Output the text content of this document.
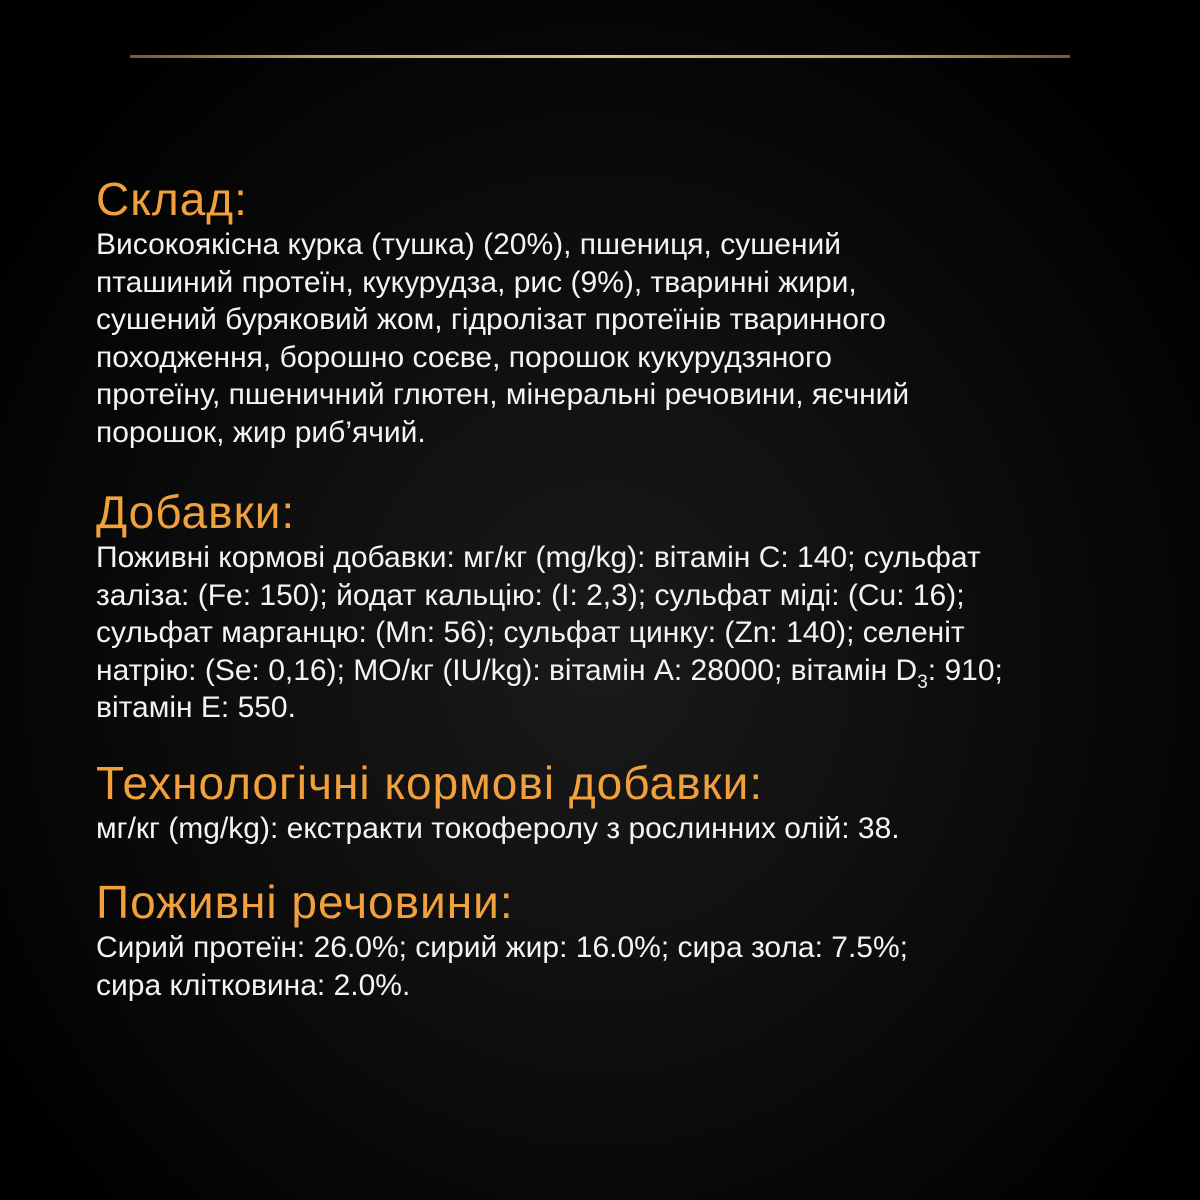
Склад:

Високоякісна курка (тушка) (20%), пшениця, сушений
пташиний протеїн, кукурудза, рис (9%), тваринні жири,
сушений буряковий жом, гідролізат протеїнів тваринного
походження, борошно соєве, порошок кукурудзяного
протеїну, пшеничний глютен, мінеральні речовини, яєчний
порошок, жир риб’ячий.

Добавки:

Поживні кормові добавки: мг/кг (mg/kg): вітамін С: 140; сульфат
заліза: (Fe: 150); йодат кальцію: (I: 2,3); сульфат міді: (Cu: 16);
сульфат марганцю: (Mn: 56); сульфат цинку: (Zn: 140); селеніт
натрію: (Se: 0,16); МО/кг (IU/kg): вітамін А: 28000; вітамін $D_3$: 910;
вітамін Е: 550.

Технологічні кормові добавки:

мг/кг (mg/kg): екстракти токоферолу з рослинних олій: 38.

Поживні речовини:

Сирий протеїн: 26.0%; сирий жир: 16.0%; сира зола: 7.5%;
сира клітковина: 2.0%.
